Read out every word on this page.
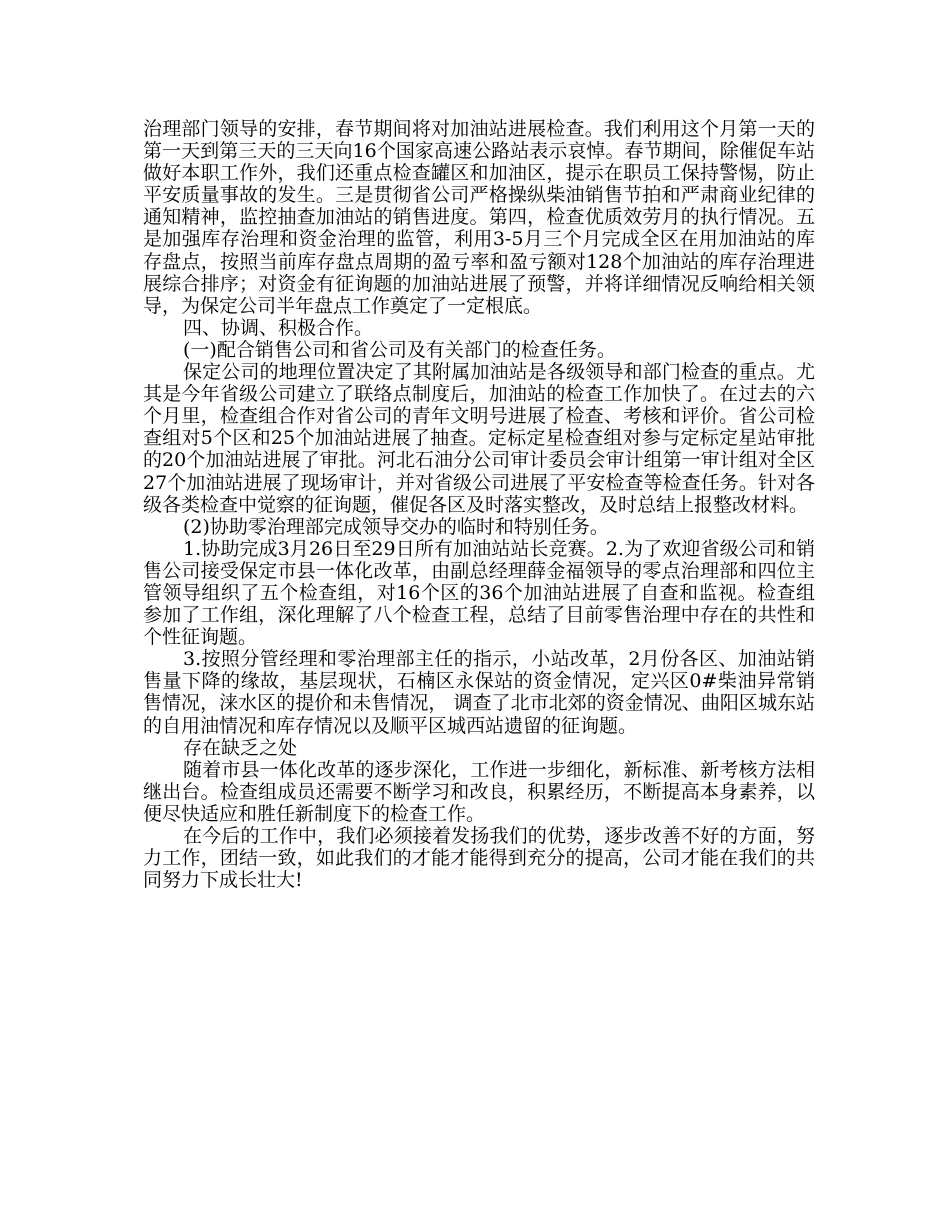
治理部门领导的安排，春节期间将对加油站进展检查。我们利用这个月第一天的第一天到第三天的三天向16个国家高速公路站表示哀悼。春节期间，除催促车站做好本职工作外，我们还重点检查罐区和加油区，提示在职员工保持警惕，防止平安质量事故的发生。三是贯彻省公司严格操纵柴油销售节拍和严肃商业纪律的通知精神，监控抽查加油站的销售进度。第四，检查优质效劳月的执行情况。五是加强库存治理和资金治理的监管，利用3-5月三个月完成全区在用加油站的库存盘点，按照当前库存盘点周期的盈亏率和盈亏额对128个加油站的库存治理进展综合排序；对资金有征询题的加油站进展了预警，并将详细情况反响给相关领导，为保定公司半年盘点工作奠定了一定根底。

四、协调、积极合作。

(一)配合销售公司和省公司及有关部门的检查任务。

保定公司的地理位置决定了其附属加油站是各级领导和部门检查的重点。尤其是今年省级公司建立了联络点制度后，加油站的检查工作加快了。在过去的六个月里，检查组合作对省公司的青年文明号进展了检查、考核和评价。省公司检查组对5个区和25个加油站进展了抽查。定标定星检查组对参与定标定星站审批的20个加油站进展了审批。河北石油分公司审计委员会审计组第一审计组对全区27个加油站进展了现场审计，并对省级公司进展了平安检查等检查任务。针对各级各类检查中觉察的征询题，催促各区及时落实整改，及时总结上报整改材料。

(2)协助零治理部完成领导交办的临时和特别任务。

1.协助完成3月26日至29日所有加油站站长竞赛。2.为了欢迎省级公司和销售公司接受保定市县一体化改革，由副总经理薛金福领导的零点治理部和四位主管领导组织了五个检查组，对16个区的36个加油站进展了自查和监视。检查组参加了工作组，深化理解了八个检查工程，总结了目前零售治理中存在的共性和个性征询题。

3.按照分管经理和零治理部主任的指示，小站改革，2月份各区、加油站销售量下降的缘故，基层现状，石楠区永保站的资金情况，定兴区0#柴油异常销售情况，涞水区的提价和未售情况， 调查了北市北郊的资金情况、曲阳区城东站的自用油情况和库存情况以及顺平区城西站遗留的征询题。

存在缺乏之处

随着市县一体化改革的逐步深化，工作进一步细化，新标准、新考核方法相继出台。检查组成员还需要不断学习和改良，积累经历，不断提高本身素养，以便尽快适应和胜任新制度下的检查工作。

在今后的工作中，我们必须接着发扬我们的优势，逐步改善不好的方面，努力工作，团结一致，如此我们的才能才能得到充分的提高，公司才能在我们的共同努力下成长壮大!
